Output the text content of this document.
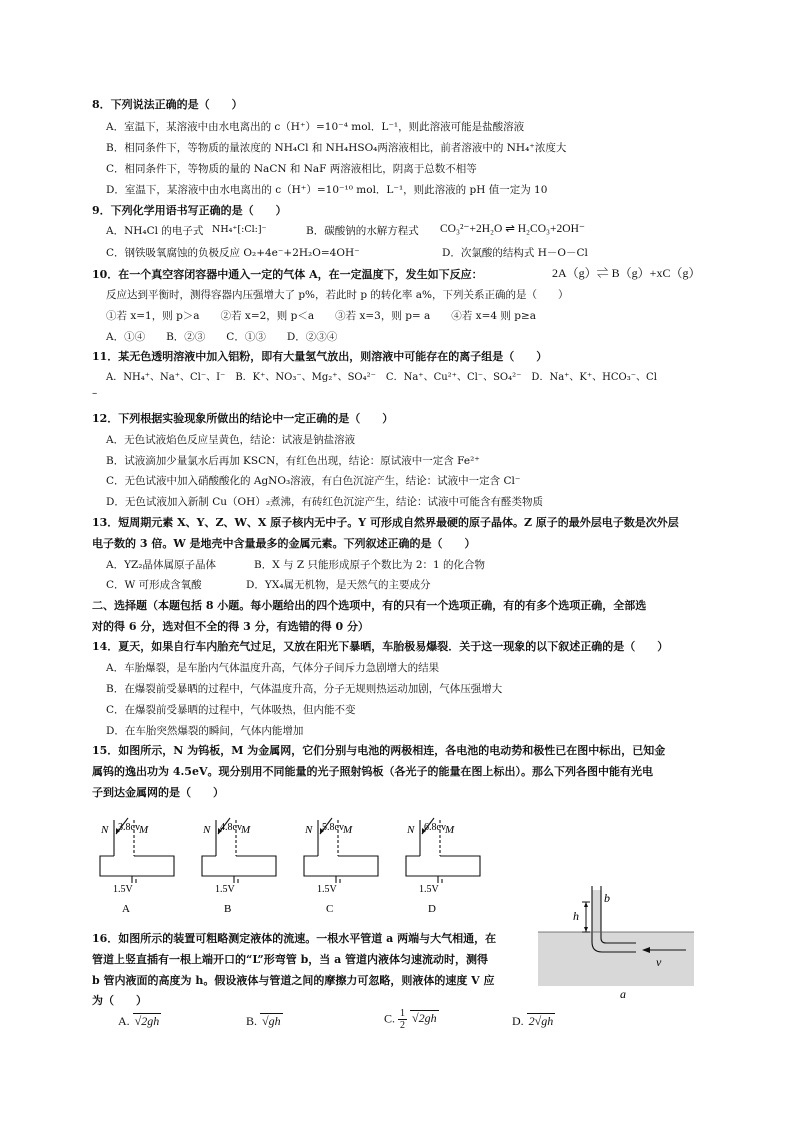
8．下列说法正确的是（　　）
A．室温下，某溶液中由水电离出的 c（H⁺）=10⁻⁴ mol．L⁻¹，则此溶液可能是盐酸溶液
B．相同条件下，等物质的量浓度的 NH₄Cl 和 NH₄HSO₄两溶液相比，前者溶液中的 NH₄⁺浓度大
C．相同条件下，等物质的量的 NaCN 和 NaF 两溶液相比，阴离于总数不相等
D．室温下，某溶液中由水电离出的 c（H⁺）=10⁻¹⁰ mol．L⁻¹，则此溶液的 pH 值一定为 10
9．下列化学用语书写正确的是（　　）
A．NH₄Cl 的电子式 NH₄⁺[:Cl:]⁻	B．碳酸钠的水解方程式 CO₃²⁻+2H₂O ⇌ H₂CO₃+2OH⁻
C．钢铁吸氧腐蚀的负极反应 O₂+4e⁻+2H₂O=4OH⁻	D．次氯酸的结构式 H－O－Cl
10．在一个真空容闭容器中通入一定的气体 A，在一定温度下，发生如下反应：	2A（g）⇌ B（g）+xC（g）
反应达到平衡时，测得容器内压强增大了 p%，若此时 p 的转化率 a%，下列关系正确的是（　　）
①若 x=1，则 p＞a　　②若 x=2，则 p＜a　　③若 x=3，则 p= a　　④若 x=4 则 p≥a
A．①④　　B．②③　　C．①③　　D．②③④
11．某无色透明溶液中加入铝粉，即有大量氢气放出，则溶液中可能存在的离子组是（　　）
A．NH₄⁺、Na⁺、Cl⁻、I⁻　B．K⁺、NO₃⁻、Mg₂⁺、SO₄²⁻　C．Na⁺、Cu²⁺、Cl⁻、SO₄²⁻　D．Na⁺、K⁺、HCO₃⁻、Cl
–
12．下列根据实验现象所做出的结论中一定正确的是（　　）
A．无色试液焰色反应呈黄色，结论：试液是钠盐溶液
B．试液滴加少量氯水后再加 KSCN，有红色出现，结论：原试液中一定含 Fe²⁺
C．无色试液中加入硝酸酸化的 AgNO₃溶液，有白色沉淀产生，结论：试液中一定含 Cl⁻
D．无色试液加入新制 Cu（OH）₂煮沸，有砖红色沉淀产生，结论：试液中可能含有醛类物质
13．短周期元素 X、Y、Z、W、X 原子核内无中子。Y 可形成自然界最硬的原子晶体。Z 原子的最外层电子数是次外层
电子数的 3 倍。W 是地壳中含量最多的金属元素。下列叙述正确的是（　　）
A．YZ₂晶体属原子晶体	B．X 与 Z 只能形成原子个数比为 2：1 的化合物
C．W 可形成含氧酸	D．YX₄属无机物，是天然气的主要成分
二、选择题（本题包括 8 小题。每小题给出的四个选项中，有的只有一个选项正确，有的有多个选项正确，全部选
对的得 6 分，选对但不全的得 3 分，有选错的得 0 分）
14．夏天，如果自行车内胎充气过足，又放在阳光下暴晒，车胎极易爆裂．关于这一现象的以下叙述正确的是（　　）
A．车胎爆裂，是车胎内气体温度升高，气体分子间斥力急剧增大的结果
B．在爆裂前受暴晒的过程中，气体温度升高，分子无规则热运动加剧，气体压强增大
C．在爆裂前受暴晒的过程中，气体吸热，但内能不变
D．在车胎突然爆裂的瞬间，气体内能增加
15．如图所示，N 为钨板，M 为金属网，它们分别与电池的两极相连，各电池的电动势和极性已在图中标出，已知金
属钨的逸出功为 4.5eV。现分别用不同能量的光子照射钨板（各光子的能量在图上标出）。那么下列各图中能有光电
子到达金属网的是（　　）
N	M
3.8cv
1.5V
A
N	M
4.8cv
1.5V
B
N	M
5.8cv
1.5V
C
N	M
6.8cv
1.5V
D
b
h
v
a
16．如图所示的装置可粗略测定液体的流速。一根水平管道 a 两端与大气相通，在
管道上竖直插有一根上端开口的“L”形弯管 b，当 a 管道内液体匀速流动时，测得
b 管内液面的高度为 h。假设液体与管道之间的摩擦力可忽略，则液体的速度 V 应
为（　　）
A. √2gh	B. √gh	C. $\frac{1}{2} √2gh$	D. 2√gh
